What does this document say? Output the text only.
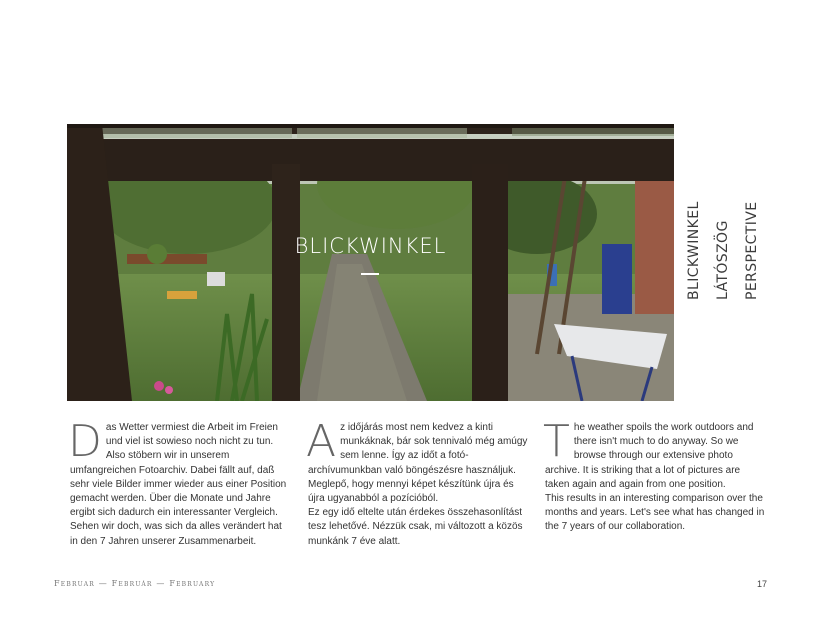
BLICKWINKEL	BLICKWINKEL LÁTÓSZÖG PERSPECTIVE
D as Wetter vermiest die Arbeit im Freien und viel ist sowieso noch nicht zu tun. Also stöbern wir in unserem umfangreichen Fotoarchiv. Dabei fällt auf, daß sehr viele Bilder immer wieder aus einer Position gemacht werden. Über die Monate und Jahre ergibt sich dadurch ein interessanter Vergleich. Sehen wir doch, was sich da alles verändert hat in den 7 Jahren unserer Zusammenarbeit.

A z időjárás most nem kedvez a kinti munkáknak, bár sok tennivaló még amúgy sem lenne. Így az időt a fotóarchívumunkban való böngészésre használjuk. Meglepő, hogy mennyi képet készítünk újra és újra ugyanabból a pozícióból.

Ez egy idő eltelte után érdekes összehasonlítást tesz lehetővé. Nézzük csak, mi változott a közös munkánk 7 éve alatt.

T he weather spoils the work outdoors and there isn't much to do anyway. So we browse through our extensive photo archive. It is striking that a lot of pictures are taken again and again from one position.

This results in an interesting comparison over the months and years. Let's see what has changed in the 7 years of our collaboration.

Februar — Február — February	17
